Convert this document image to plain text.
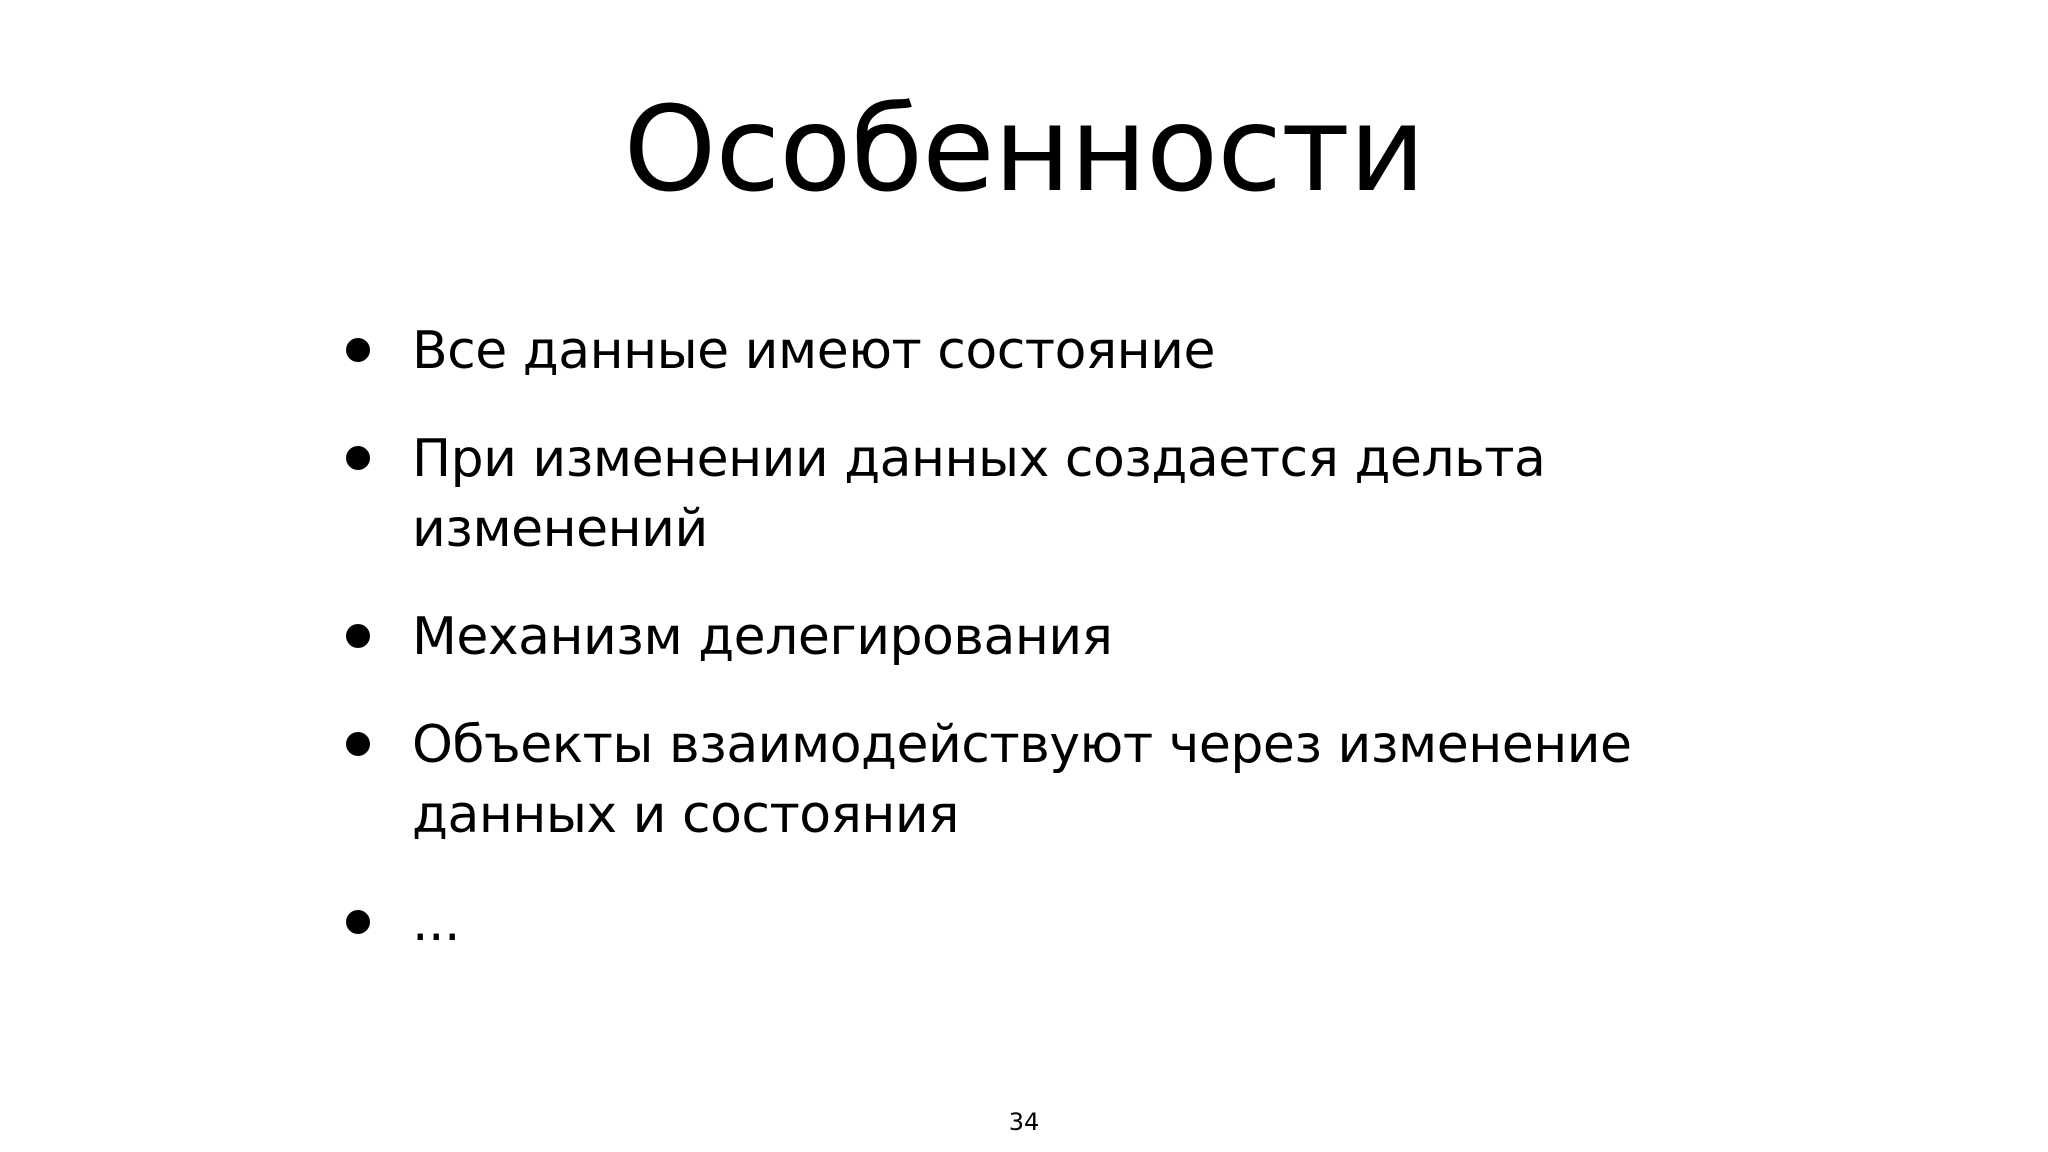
Особенности
Все данные имеют состояние
При изменении данных создается дельта изменений
Механизм делегирования
Объекты взаимодействуют через изменение данных и состояния
...
34
